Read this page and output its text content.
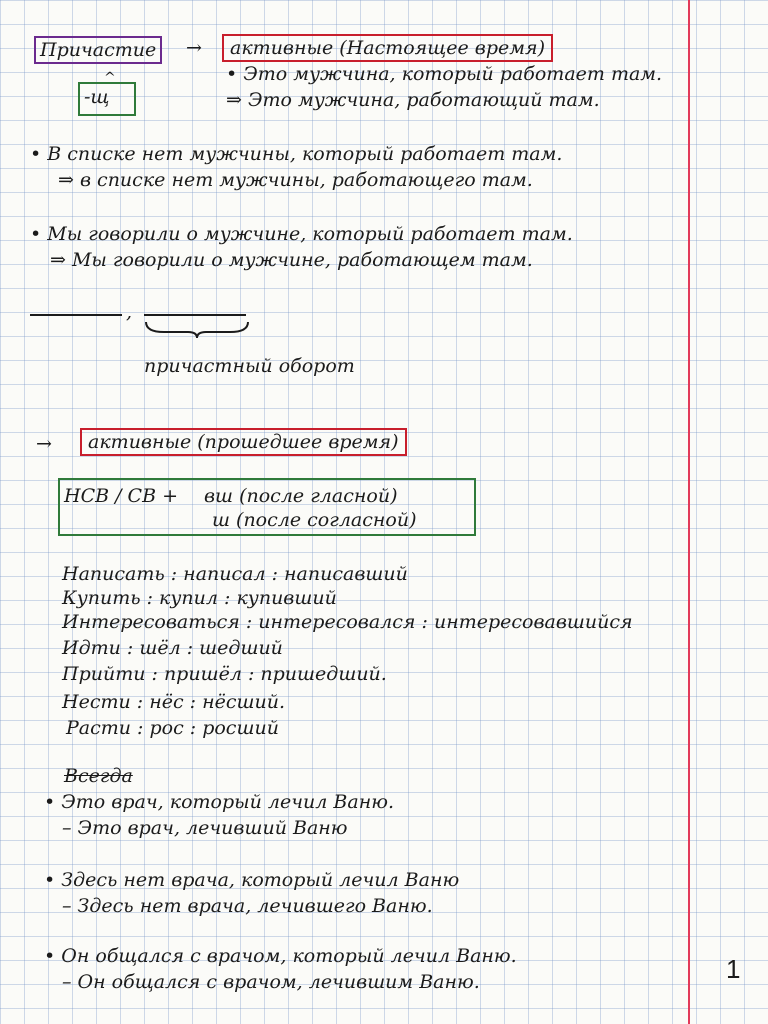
Причастие	→	активные (Настоящее время)
^
-щ
• Это мужчина, который работает там.
⇒ Это мужчина, работающий там.
• В списке нет мужчины, который работает там.
⇒ в списке нет мужчины, работающего там.
• Мы говорили о мужчине, который работает там.
⇒ Мы говорили о мужчине, работающем там.
,
причастный оборот
→	активные (прошедшее время)
НСВ / СВ + вш (после гласной)
ш (после согласной)
Написать : написал : написавший
Купить : купил : купивший
Интересоваться : интересовался : интересовавшийся
Идти : шёл : шедший
Прийти : пришёл : пришедший.
Нести : нёс : нёсший.
Расти : рос : росший
Всегда
• Это врач, который лечил Ваню.
– Это врач, лечивший Ваню
• Здесь нет врача, который лечил Ваню
– Здесь нет врача, лечившего Ваню.
• Он общался с врачом, который лечил Ваню.
– Он общался с врачом, лечившим Ваню.	1
